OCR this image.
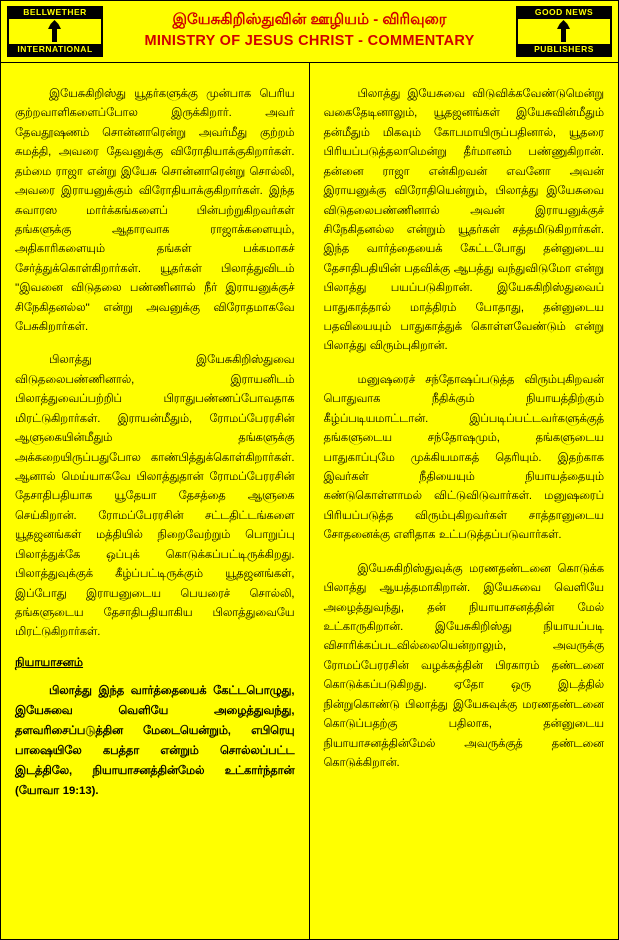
BELLWETHER
INTERNATIONAL
இயேசுகிறிஸ்துவின் ஊழியம் - விரிவுரை
MINISTRY OF JESUS CHRIST - COMMENTARY
GOOD NEWS
PUBLISHERS

இயேசுகிறிஸ்து யூதர்களுக்கு முன்பாக பெரிய குற்றவாளிகளைப்போல இருக்கிறார். அவர் தேவதூஷணம் சொன்னாரென்று அவர்மீது குற்றம் சுமத்தி, அவரை தேவனுக்கு விரோதியாக்குகிறார்கள். தம்மை ராஜா என்று இயேசு சொன்னாரென்று சொல்லி, அவரை இராயனுக்கும் விரோதியாக்குகிறார்கள். இந்த சுவாரஸ மார்க்கங்களைப் பின்பற்றுகிறவர்கள் தங்களுக்கு ஆதாரவாக ராஜாக்களையும், அதிகாரிகளையும் தங்கள் பக்கமாகச் சேர்த்துக்கொள்கிறார்கள். யூதர்கள் பிலாத்துவிடம் ''இவனை விடுதலை பண்ணினால் நீர் இராயனுக்குச் சிநேகிதனல்ல'' என்று அவனுக்கு விரோதமாகவே பேசுகிறார்கள்.

பிலாத்து இயேசுகிறிஸ்துவை விடுதலைபண்ணினால், இராயனிடம் பிலாத்துவைப்பற்றிப் பிராதுபண்ணப்போவதாக மிரட்டுகிறார்கள். இராயன்மீதும், ரோமப்பேரரசின் ஆளுகையின்மீதும் தங்களுக்கு அக்கறையிருப்பதுபோல காண்பித்துக்கொள்கிறார்கள். ஆனால் மெய்யாகவே பிலாத்துதான் ரோமப்பேரரசின் தேசாதிபதியாக யூதேயா தேசத்தை ஆளுகை செய்கிறான். ரோமப்பேரரசின் சட்டதிட்டங்களை யூதஜனங்கள் மத்தியில் நிறைவேற்றும் பொறுப்பு பிலாத்துக்கே ஒப்புக் கொடுக்கப்பட்டிருக்கிறது. பிலாத்துவுக்குக் கீழ்ப்பட்டிருக்கும் யூதஜனங்கள், இப்போது இராயனுடைய பெயரைச் சொல்லி, தங்களுடைய தேசாதிபதியாகிய பிலாத்துவையே மிரட்டுகிறார்கள்.

நியாயாசனம்

பிலாத்து இந்த வார்த்தையைக் கேட்டபொழுது, இயேசுவை வெளியே அழைத்துவந்து, தளவரிசைப்படுத்தின மேடையென்றும், எபிரெயு பாஷையிலே கபத்தா என்றும் சொல்லப்பட்ட இடத்திலே, நியாயாசனத்தின்மேல் உட்கார்ந்தான் (யோவா 19:13).

பிலாத்து இயேசுவை விடுவிக்கவேண்டுமென்று வகைதேடினாலும், யூதஜனங்கள் இயேசுவின்மீதும் தன்மீதும் மிகவும் கோபமாயிருப்பதினால், யூதரை பிரியப்படுத்தலாமென்று தீர்மானம் பண்ணுகிறான். தன்னை ராஜா என்கிறவன் எவனோ அவன் இராயனுக்கு விரோதியென்றும், பிலாத்து இயேசுவை விடுதலைபண்ணினால் அவன் இராயனுக்குச் சிநேகிதனல்ல என்றும் யூதர்கள் சத்தமிடுகிறார்கள். இந்த வார்த்தையைக் கேட்டபோது தன்னுடைய தேசாதிபதியின் பதவிக்கு ஆபத்து வந்துவிடுமோ என்று பிலாத்து பயப்படுகிறான். இயேசுகிறிஸ்துவைப் பாதுகாத்தால் மாத்திரம் போதாது, தன்னுடைய பதவியையும் பாதுகாத்துக் கொள்ளவேண்டும் என்று பிலாத்து விரும்புகிறான்.

மனுஷரைச் சந்தோஷப்படுத்த விரும்புகிறவன் பொதுவாக நீதிக்கும் நியாயத்திற்கும் கீழ்ப்படியமாட்டான். இப்படிப்பட்டவர்களுக்குத் தங்களுடைய சந்தோஷமும், தங்களுடைய பாதுகாப்புமே முக்கியமாகத் தெரியும். இதற்காக இவர்கள் நீதியையும் நியாயத்தையும் கண்டுகொள்ளாமல் விட்டுவிடுவார்கள். மனுஷரைப் பிரியப்படுத்த விரும்புகிறவர்கள் சாத்தானுடைய சோதனைக்கு எளிதாக உட்படுத்தப்படுவார்கள்.

இயேசுகிறிஸ்துவுக்கு மரணதண்டனை கொடுக்க பிலாத்து ஆயத்தமாகிறான். இயேசுவை வெளியே அழைத்துவந்து, தன் நியாயாசனத்தின் மேல் உட்காருகிறான். இயேசுகிறிஸ்து நியாயப்படி விசாரிக்கப்படவில்லையென்றாலும், அவருக்கு ரோமப்பேரரசின் வழக்கத்தின் பிரகாரம் தண்டனை கொடுக்கப்படுகிறது. ஏதோ ஒரு இடத்தில் நின்றுகொண்டு பிலாத்து இயேசுவுக்கு மரணதண்டனை கொடுப்பதற்கு பதிலாக, தன்னுடைய நியாயாசனத்தின்மேல் அவருக்குத் தண்டனை கொடுக்கிறான்.
